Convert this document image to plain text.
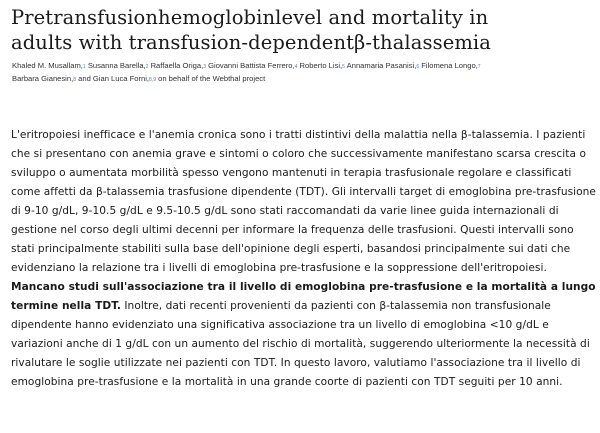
Pretransfusionhemoglobinlevel and mortality in
adults with transfusion-dependentβ-thalassemia
Khaled M. Musallam,1 Susanna Barella,2 Raffaella Origa,3 Giovanni Battista Ferrero,4 Roberto Lisi,5 Annamaria Pasanisi,6 Filomena Longo,7
Barbara Gianesin,8 and Gian Luca Forni,8,9 on behalf of the Webthal project

L'eritropoiesi inefficace e l'anemia cronica sono i tratti distintivi della malattia nella β-talassemia. I pazienti che si presentano con anemia grave e sintomi o coloro che successivamente manifestano scarsa crescita o sviluppo o aumentata morbilità spesso vengono mantenuti in terapia trasfusionale regolare e classificati come affetti da β-talassemia trasfusione dipendente (TDT). Gli intervalli target di emoglobina pre-trasfusione di 9-10 g/dL, 9-10.5 g/dL e 9.5-10.5 g/dL sono stati raccomandati da varie linee guida internazionali di gestione nel corso degli ultimi decenni per informare la frequenza delle trasfusioni. Questi intervalli sono stati principalmente stabiliti sulla base dell'opinione degli esperti, basandosi principalmente sui dati che evidenziano la relazione tra i livelli di emoglobina pre-trasfusione e la soppressione dell'eritropoiesi. Mancano studi sull'associazione tra il livello di emoglobina pre-trasfusione e la mortalità a lungo termine nella TDT. Inoltre, dati recenti provenienti da pazienti con β-talassemia non transfusionale dipendente hanno evidenziato una significativa associazione tra un livello di emoglobina <10 g/dL e variazioni anche di 1 g/dL con un aumento del rischio di mortalità, suggerendo ulteriormente la necessità di rivalutare le soglie utilizzate nei pazienti con TDT. In questo lavoro, valutiamo l'associazione tra il livello di emoglobina pre-trasfusione e la mortalità in una grande coorte di pazienti con TDT seguiti per 10 anni.
